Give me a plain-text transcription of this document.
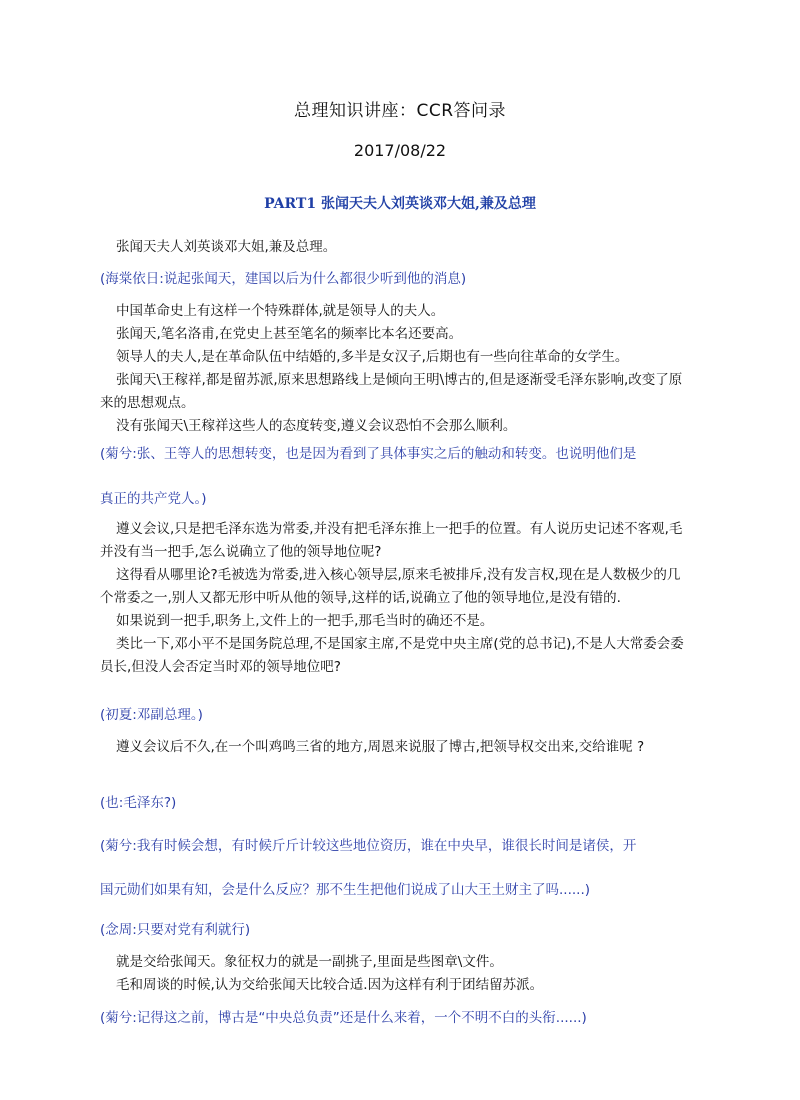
总理知识讲座：CCR答问录
2017/08/22
PART1 张闻天夫人刘英谈邓大姐,兼及总理

张闻天夫人刘英谈邓大姐,兼及总理。

(海棠依日:说起张闻天，建国以后为什么都很少听到他的消息)

中国革命史上有这样一个特殊群体,就是领导人的夫人。

张闻天,笔名洛甫,在党史上甚至笔名的频率比本名还要高。

领导人的夫人,是在革命队伍中结婚的,多半是女汉子,后期也有一些向往革命的女学生。

张闻天\王稼祥,都是留苏派,原来思想路线上是倾向王明\博古的,但是逐渐受毛泽东影响,改变了原来的思想观点。

没有张闻天\王稼祥这些人的态度转变,遵义会议恐怕不会那么顺利。

(菊兮:张、王等人的思想转变，也是因为看到了具体事实之后的触动和转变。也说明他们是
真正的共产党人。)

遵义会议,只是把毛泽东选为常委,并没有把毛泽东推上一把手的位置。有人说历史记述不客观,毛并没有当一把手,怎么说确立了他的领导地位呢?

这得看从哪里论?毛被选为常委,进入核心领导层,原来毛被排斥,没有发言权,现在是人数极少的几个常委之一,别人又都无形中听从他的领导,这样的话,说确立了他的领导地位,是没有错的.

如果说到一把手,职务上,文件上的一把手,那毛当时的确还不是。

类比一下,邓小平不是国务院总理,不是国家主席,不是党中央主席(党的总书记),不是人大常委会委员长,但没人会否定当时邓的领导地位吧?

(初夏:邓副总理。)

遵义会议后不久,在一个叫鸡鸣三省的地方,周恩来说服了博古,把领导权交出来,交给谁呢 ?

(也:毛泽东?)
(菊兮:我有时候会想，有时候斤斤计较这些地位资历，谁在中央早，谁很长时间是诸侯，开
国元勋们如果有知，会是什么反应？那不生生把他们说成了山大王土财主了吗......)
(念周:只要对党有利就行)

就是交给张闻天。象征权力的就是一副挑子,里面是些图章\文件。

毛和周谈的时候,认为交给张闻天比较合适.因为这样有利于团结留苏派。

(菊兮:记得这之前，博古是“中央总负责”还是什么来着，一个不明不白的头衔......)
